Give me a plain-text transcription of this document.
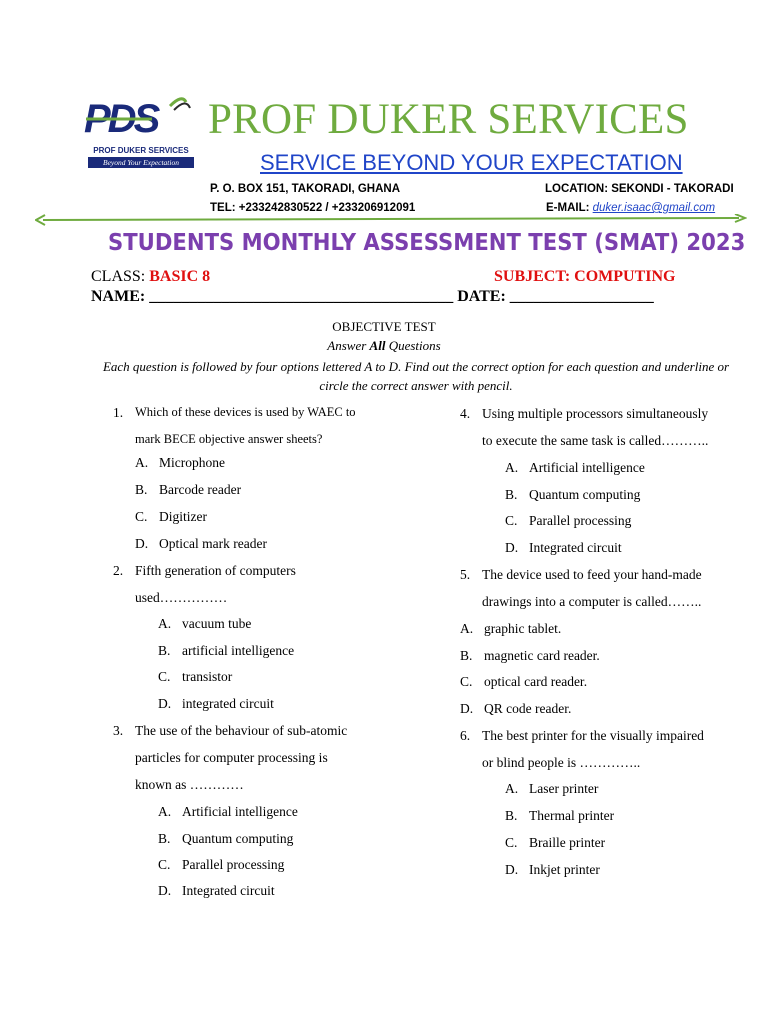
PDS
PROF DUKER SERVICES
Beyond Your Expectation
PROF DUKER SERVICES
SERVICE BEYOND YOUR EXPECTATION
P. O. BOX 151, TAKORADI, GHANA	LOCATION: SEKONDI - TAKORADI
TEL: +233242830522 / +233206912091	E-MAIL: duker.isaac@gmail.com
STUDENTS MONTHLY ASSESSMENT TEST (SMAT) 2023
CLASS: BASIC 8	SUBJECT: COMPUTING
NAME: ______________________________________ DATE: __________________
OBJECTIVE TEST
Answer All Questions
Each question is followed by four options lettered A to D. Find out the correct option for each question and underline or circle the correct answer with pencil.
1. Which of these devices is used by WAEC to
mark BECE objective answer sheets?
A. Microphone
B. Barcode reader
C. Digitizer
D. Optical mark reader
2. Fifth generation of computers
used……………
A. vacuum tube
B. artificial intelligence
C. transistor
D. integrated circuit
3. The use of the behaviour of sub-atomic
particles for computer processing is
known as …………
A. Artificial intelligence
B. Quantum computing
C. Parallel processing
D. Integrated circuit
4. Using multiple processors simultaneously
to execute the same task is called………..
A. Artificial intelligence
B. Quantum computing
C. Parallel processing
D. Integrated circuit
5. The device used to feed your hand-made
drawings into a computer is called……..
A. graphic tablet.
B. magnetic card reader.
C. optical card reader.
D. QR code reader.
6. The best printer for the visually impaired
or blind people is …………..
A. Laser printer
B. Thermal printer
C. Braille printer
D. Inkjet printer
